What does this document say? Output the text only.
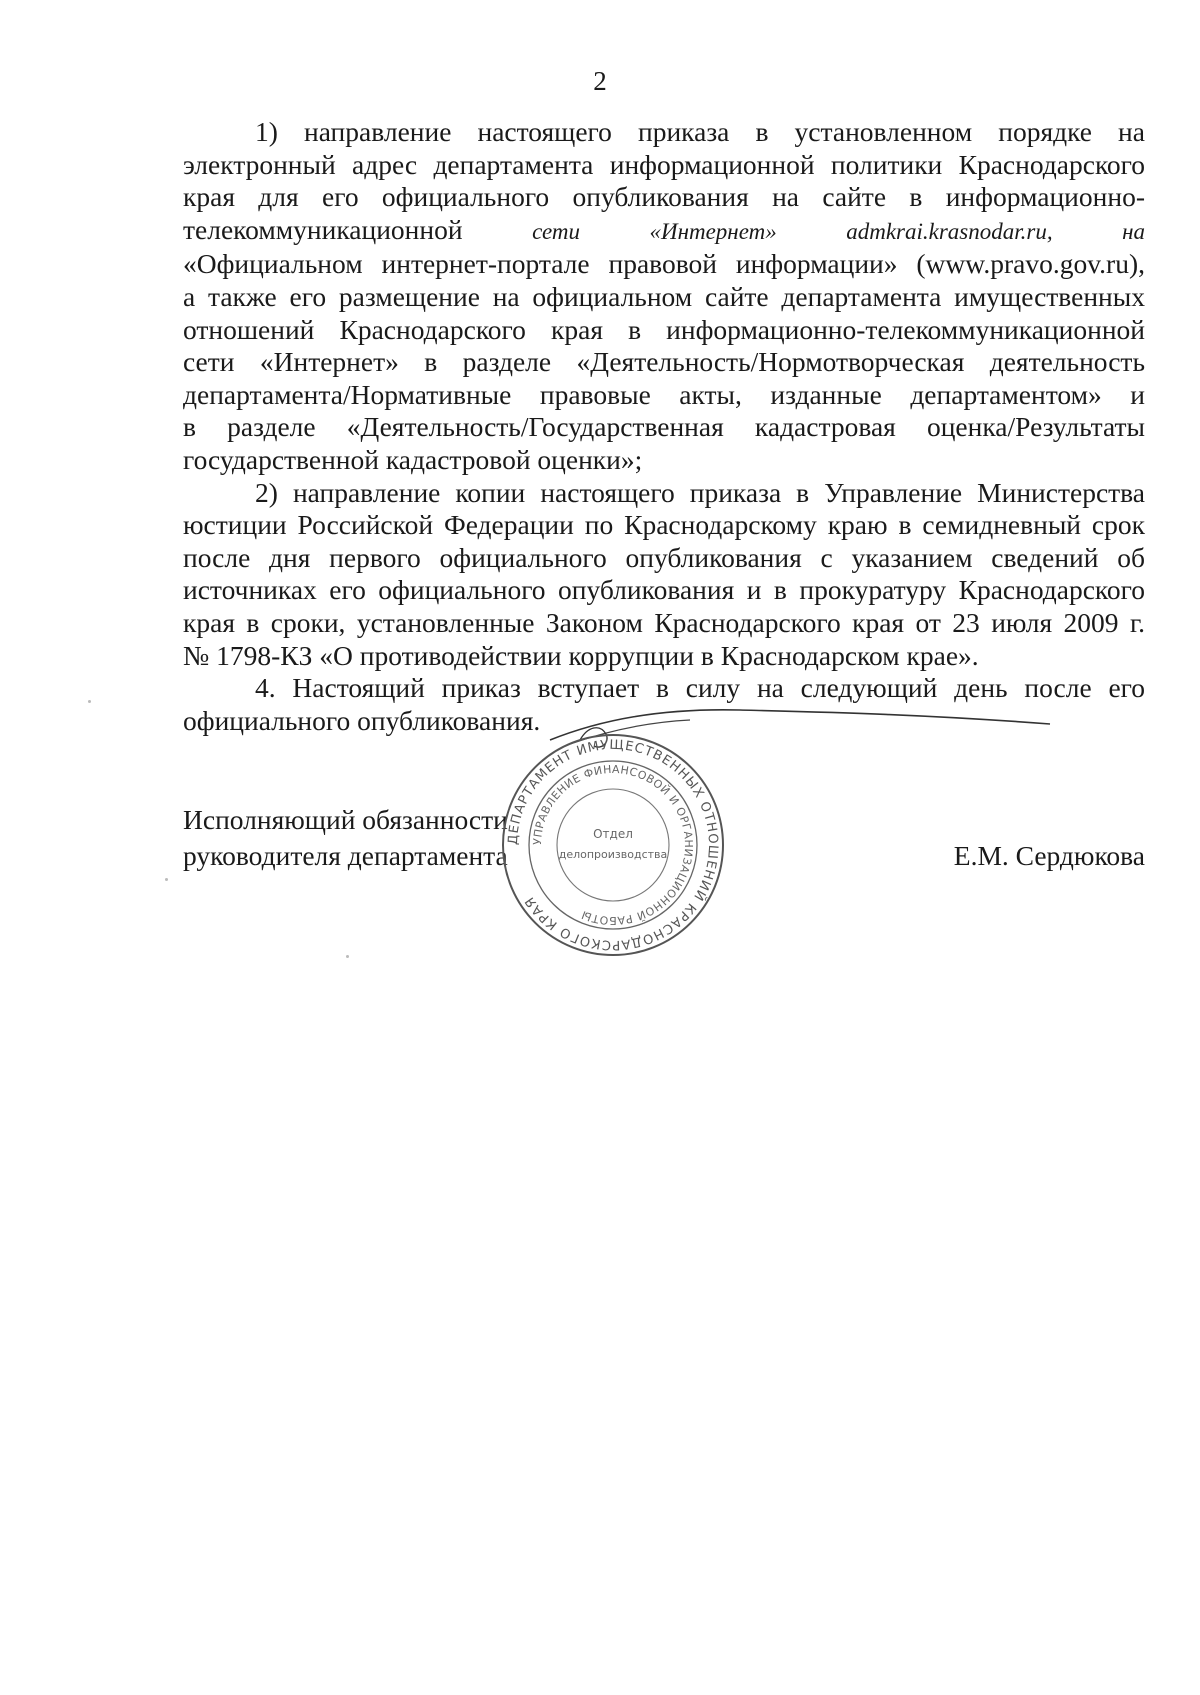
2
1) направление настоящего приказа в установленном порядке на
электронный адрес департамента информационной политики Краснодарского
края для его официального опубликования на сайте в информационно-
телекоммуникационной	сети	«Интернет»	admkrai.krasnodar.ru,	на
«Официальном интернет-портале правовой информации» (www.pravo.gov.ru),
а также его размещение на официальном сайте департамента имущественных
отношений Краснодарского края в информационно-телекоммуникационной
сети «Интернет» в разделе «Деятельность/Нормотворческая деятельность
департамента/Нормативные правовые акты, изданные департаментом» и
в разделе «Деятельность/Государственная кадастровая оценка/Результаты
государственной кадастровой оценки»;
2) направление копии настоящего приказа в Управление Министерства
юстиции Российской Федерации по Краснодарскому краю в семидневный срок
после дня первого официального опубликования с указанием сведений об
источниках его официального опубликования и в прокуратуру Краснодарского
края в сроки, установленные Законом Краснодарского края от 23 июля 2009 г.
№ 1798-КЗ «О противодействии коррупции в Краснодарском крае».
4. Настоящий приказ вступает в силу на следующий день после его
официального опубликования.
Исполняющий обязанности
руководителя департамента	Е.М. Сердюкова
ДЕПАРТАМЕНТ ИМУЩЕСТВЕННЫХ ОТНОШЕНИЙ КРАСНОДАРСКОГО КРАЯ
УПРАВЛЕНИЕ ФИНАНСОВОЙ И ОРГАНИЗАЦИОННОЙ РАБОТЫ
Отдел
делопроизводства
